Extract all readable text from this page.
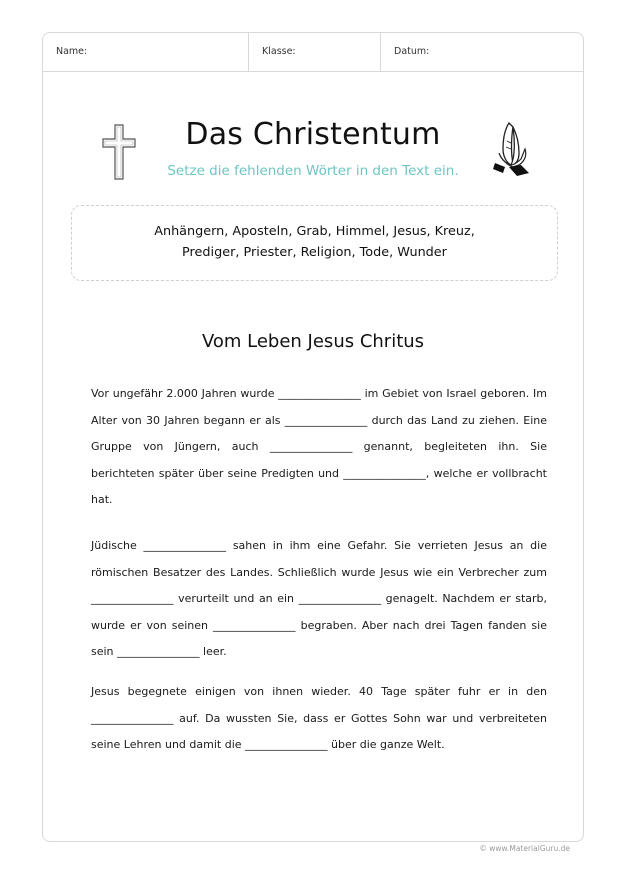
Name:	Klasse:	Datum:
Das Christentum
Setze die fehlenden Wörter in den Text ein.
Anhängern, Aposteln, Grab, Himmel, Jesus, Kreuz,
Prediger, Priester, Religion, Tode, Wunder
Vom Leben Jesus Chritus

Vor ungefähr 2.000 Jahren wurde _______________ im Gebiet von Israel geboren. Im Alter von 30 Jahren begann er als _______________ durch das Land zu ziehen. Eine Gruppe von Jüngern, auch _______________ genannt, begleiteten ihn. Sie berichteten später über seine Predigten und _______________, welche er vollbracht hat.

Jüdische _______________ sahen in ihm eine Gefahr. Sie verrieten Jesus an die römischen Besatzer des Landes. Schließlich wurde Jesus wie ein Verbrecher zum _______________ verurteilt und an ein _______________ genagelt. Nachdem er starb, wurde er von seinen _______________ begraben. Aber nach drei Tagen fanden sie sein _______________ leer.

Jesus begegnete einigen von ihnen wieder. 40 Tage später fuhr er in den _______________ auf. Da wussten Sie, dass er Gottes Sohn war und verbreiteten seine Lehren und damit die _______________ über die ganze Welt.

© www.MaterialGuru.de
